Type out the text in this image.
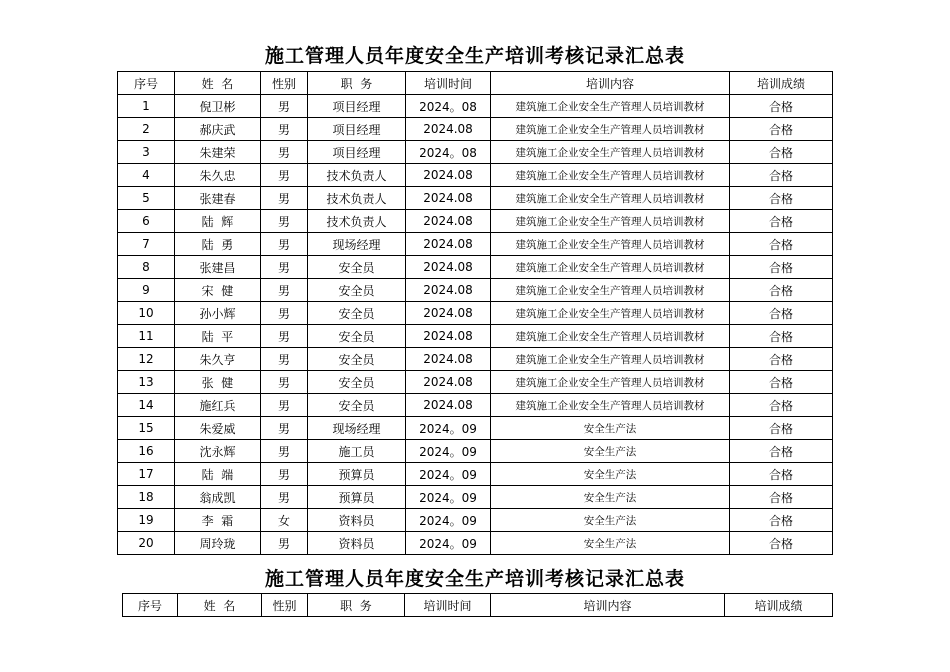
施工管理人员年度安全生产培训考核记录汇总表
序号	姓  名	性别	职  务	培训时间	培训内容	培训成绩
1	倪卫彬	男	项目经理	2024。08	建筑施工企业安全生产管理人员培训教材	合格
2	郝庆武	男	项目经理	2024.08	建筑施工企业安全生产管理人员培训教材	合格
3	朱建荣	男	项目经理	2024。08	建筑施工企业安全生产管理人员培训教材	合格
4	朱久忠	男	技术负责人	2024.08	建筑施工企业安全生产管理人员培训教材	合格
5	张建春	男	技术负责人	2024.08	建筑施工企业安全生产管理人员培训教材	合格
6	陆  辉	男	技术负责人	2024.08	建筑施工企业安全生产管理人员培训教材	合格
7	陆  勇	男	现场经理	2024.08	建筑施工企业安全生产管理人员培训教材	合格
8	张建昌	男	安全员	2024.08	建筑施工企业安全生产管理人员培训教材	合格
9	宋  健	男	安全员	2024.08	建筑施工企业安全生产管理人员培训教材	合格
10	孙小辉	男	安全员	2024.08	建筑施工企业安全生产管理人员培训教材	合格
11	陆  平	男	安全员	2024.08	建筑施工企业安全生产管理人员培训教材	合格
12	朱久亨	男	安全员	2024.08	建筑施工企业安全生产管理人员培训教材	合格
13	张  健	男	安全员	2024.08	建筑施工企业安全生产管理人员培训教材	合格
14	施红兵	男	安全员	2024.08	建筑施工企业安全生产管理人员培训教材	合格
15	朱爱威	男	现场经理	2024。09	安全生产法	合格
16	沈永辉	男	施工员	2024。09	安全生产法	合格
17	陆  端	男	预算员	2024。09	安全生产法	合格
18	翁成凯	男	预算员	2024。09	安全生产法	合格
19	李  霜	女	资料员	2024。09	安全生产法	合格
20	周玲珑	男	资料员	2024。09	安全生产法	合格
施工管理人员年度安全生产培训考核记录汇总表
序号	姓  名	性别	职  务	培训时间	培训内容	培训成绩
